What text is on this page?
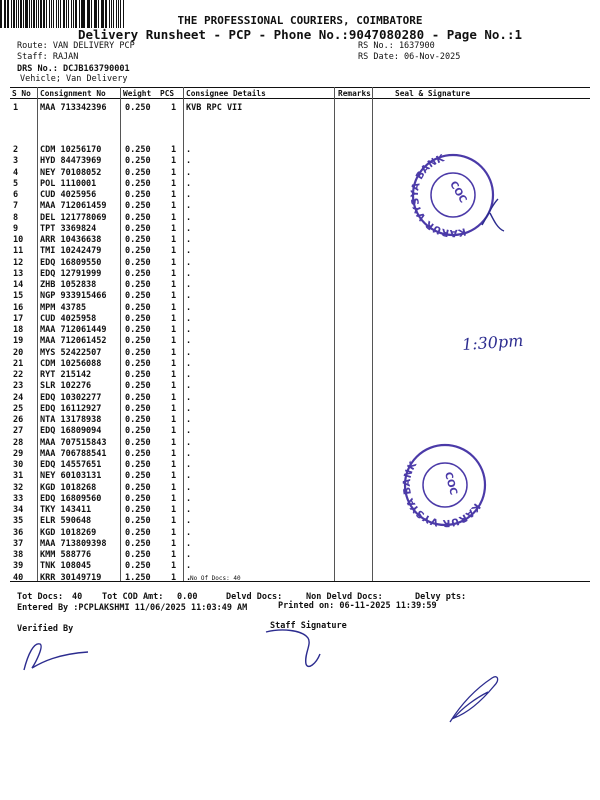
THE PROFESSIONAL COURIERS, COIMBATORE
Delivery Runsheet - PCP - Phone No.:9047080280 - Page No.:1
Route: VAN DELIVERY PCP
Staff: RAJAN
DRS No.: DCJB163790001
Vehicle; Van Delivery
RS No.: 1637900
RS Date: 06-Nov-2025
S No Consignment No Weight PCS Consignee Details	Remarks	Seal & Signature
1	MAA 713342396 0.250 1 KVB RPC VII
2	CDM 10256170	0.250 1 .
3	HYD 84473969	0.250 1 .
4	NEY 70108052	0.250 1 .
5	POL 1110001	0.250 1 .
6	CUD 4025956	0.250 1 .
7	MAA 712061459 0.250 1 .
8	DEL 121778069 0.250 1 .
9	TPT 3369824	0.250 1 .
10 ARR 10436638	0.250 1 .
11 TMI 10242479	0.250 1 .
12 EDQ 16809550	0.250 1 .
13 EDQ 12791999	0.250 1 .
14 ZHB 1052838	0.250 1 .
15 NGP 933915466 0.250 1 .
16 MPM 43785	0.250 1 .
17 CUD 4025958	0.250 1 .
18 MAA 712061449 0.250 1 .
19 MAA 712061452 0.250 1 .
20 MYS 52422507	0.250 1 .
21 CDM 10256088	0.250 1 .
22 RYT 215142	0.250 1 .
23 SLR 102276	0.250 1 .
24 EDQ 10302277	0.250 1 .
25 EDQ 16112927	0.250 1 .
26 NTA 13178938	0.250 1 .
27 EDQ 16809094	0.250 1 .
28 MAA 707515843 0.250 1 .
29 MAA 706788541 0.250 1 .
30 EDQ 14557651	0.250 1 .
31 NEY 60103131	0.250 1 .
32 KGD 1018268	0.250 1 .
33 EDQ 16809560	0.250 1 .
34 TKY 143411	0.250 1 .
35 ELR 590648	0.250 1 .
36 KGD 1018269	0.250 1 .
37 MAA 713809398 0.250 1 .
38 KMM 588776	0.250 1 .
39 TNK 108045	0.250 1 .
40 KRR 30149719	1.250 1 .
No Of Docs: 40
Tot Docs: 40 Tot COD Amt: 0.00	Delvd Docs:	Non Delvd Docs:	Delvy pts:
Entered By :PCPLAKSHMI 11/06/2025 11:03:49 AM	Printed on: 06-11-2025 11:39:59
Verified By	Staff Signature
KARUR VYSYA BANK
COC
KARUR VYSYA BANK
COC
1:30pm
